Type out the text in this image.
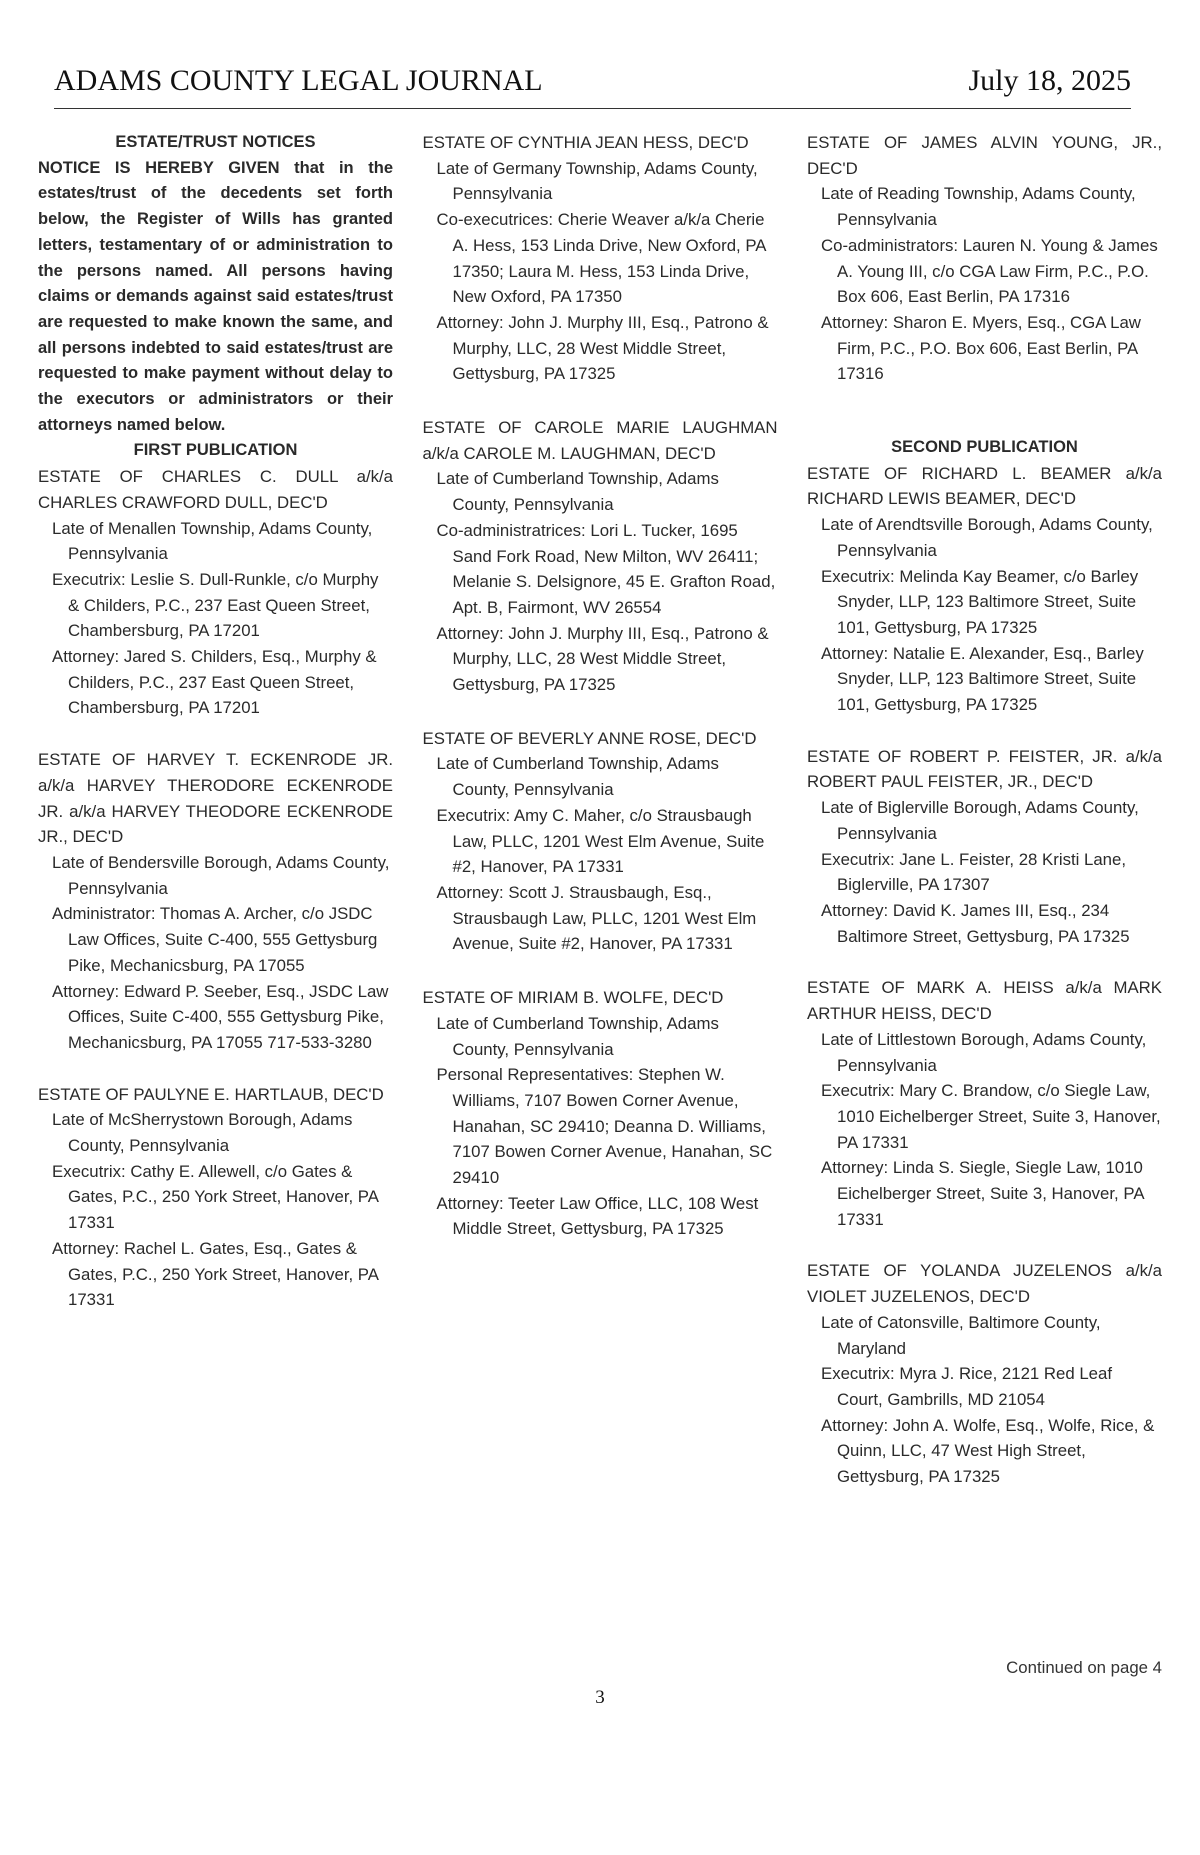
ADAMS COUNTY LEGAL JOURNAL	July 18, 2025

ESTATE/TRUST NOTICES

NOTICE IS HEREBY GIVEN that in the estates/trust of the decedents set forth below, the Register of Wills has granted letters, testamentary of or administration to the persons named. All persons having claims or demands against said estates/trust are requested to make known the same, and all persons indebted to said estates/trust are requested to make payment without delay to the executors or administrators or their attorneys named below.

FIRST PUBLICATION

ESTATE OF CHARLES C. DULL a/k/a CHARLES CRAWFORD DULL, DEC'D

Late of Menallen Township, Adams County, Pennsylvania

Executrix: Leslie S. Dull-Runkle, c/o Murphy & Childers, P.C., 237 East Queen Street, Chambersburg, PA 17201

Attorney: Jared S. Childers, Esq., Murphy & Childers, P.C., 237 East Queen Street, Chambersburg, PA 17201

ESTATE OF HARVEY T. ECKENRODE JR. a/k/a HARVEY THERODORE ECKENRODE JR. a/k/a HARVEY THEODORE ECKENRODE JR., DEC'D

Late of Bendersville Borough, Adams County, Pennsylvania

Administrator: Thomas A. Archer, c/o JSDC Law Offices, Suite C-400, 555 Gettysburg Pike, Mechanicsburg, PA 17055

Attorney: Edward P. Seeber, Esq., JSDC Law Offices, Suite C-400, 555 Gettysburg Pike, Mechanicsburg, PA 17055 717-533-3280

ESTATE OF PAULYNE E. HARTLAUB, DEC'D

Late of McSherrystown Borough, Adams County, Pennsylvania

Executrix: Cathy E. Allewell, c/o Gates & Gates, P.C., 250 York Street, Hanover, PA 17331

Attorney: Rachel L. Gates, Esq., Gates & Gates, P.C., 250 York Street, Hanover, PA 17331

ESTATE OF CYNTHIA JEAN HESS, DEC'D

Late of Germany Township, Adams County, Pennsylvania

Co-executrices: Cherie Weaver a/k/a Cherie A. Hess, 153 Linda Drive, New Oxford, PA 17350; Laura M. Hess, 153 Linda Drive, New Oxford, PA 17350

Attorney: John J. Murphy III, Esq., Patrono & Murphy, LLC, 28 West Middle Street, Gettysburg, PA 17325

ESTATE OF CAROLE MARIE LAUGHMAN a/k/a CAROLE M. LAUGHMAN, DEC'D

Late of Cumberland Township, Adams County, Pennsylvania

Co-administratrices: Lori L. Tucker, 1695 Sand Fork Road, New Milton, WV 26411; Melanie S. Delsignore, 45 E. Grafton Road, Apt. B, Fairmont, WV 26554

Attorney: John J. Murphy III, Esq., Patrono & Murphy, LLC, 28 West Middle Street, Gettysburg, PA 17325

ESTATE OF BEVERLY ANNE ROSE, DEC'D

Late of Cumberland Township, Adams County, Pennsylvania

Executrix: Amy C. Maher, c/o Strausbaugh Law, PLLC, 1201 West Elm Avenue, Suite #2, Hanover, PA 17331

Attorney: Scott J. Strausbaugh, Esq., Strausbaugh Law, PLLC, 1201 West Elm Avenue, Suite #2, Hanover, PA 17331

ESTATE OF MIRIAM B. WOLFE, DEC'D

Late of Cumberland Township, Adams County, Pennsylvania

Personal Representatives: Stephen W. Williams, 7107 Bowen Corner Avenue, Hanahan, SC 29410; Deanna D. Williams, 7107 Bowen Corner Avenue, Hanahan, SC 29410

Attorney: Teeter Law Office, LLC, 108 West Middle Street, Gettysburg, PA 17325

ESTATE OF JAMES ALVIN YOUNG, JR., DEC'D

Late of Reading Township, Adams County, Pennsylvania

Co-administrators: Lauren N. Young & James A. Young III, c/o CGA Law Firm, P.C., P.O. Box 606, East Berlin, PA 17316

Attorney: Sharon E. Myers, Esq., CGA Law Firm, P.C., P.O. Box 606, East Berlin, PA 17316

SECOND PUBLICATION

ESTATE OF RICHARD L. BEAMER a/k/a RICHARD LEWIS BEAMER, DEC'D

Late of Arendtsville Borough, Adams County, Pennsylvania

Executrix: Melinda Kay Beamer, c/o Barley Snyder, LLP, 123 Baltimore Street, Suite 101, Gettysburg, PA 17325

Attorney: Natalie E. Alexander, Esq., Barley Snyder, LLP, 123 Baltimore Street, Suite 101, Gettysburg, PA 17325

ESTATE OF ROBERT P. FEISTER, JR. a/k/a ROBERT PAUL FEISTER, JR., DEC'D

Late of Biglerville Borough, Adams County, Pennsylvania

Executrix: Jane L. Feister, 28 Kristi Lane, Biglerville, PA 17307

Attorney: David K. James III, Esq., 234 Baltimore Street, Gettysburg, PA 17325

ESTATE OF MARK A. HEISS a/k/a MARK ARTHUR HEISS, DEC'D

Late of Littlestown Borough, Adams County, Pennsylvania

Executrix: Mary C. Brandow, c/o Siegle Law, 1010 Eichelberger Street, Suite 3, Hanover, PA 17331

Attorney: Linda S. Siegle, Siegle Law, 1010 Eichelberger Street, Suite 3, Hanover, PA 17331

ESTATE OF YOLANDA JUZELENOS a/k/a VIOLET JUZELENOS, DEC'D

Late of Catonsville, Baltimore County, Maryland

Executrix: Myra J. Rice, 2121 Red Leaf Court, Gambrills, MD 21054

Attorney: John A. Wolfe, Esq., Wolfe, Rice, & Quinn, LLC, 47 West High Street, Gettysburg, PA 17325

Continued on page 4
3
